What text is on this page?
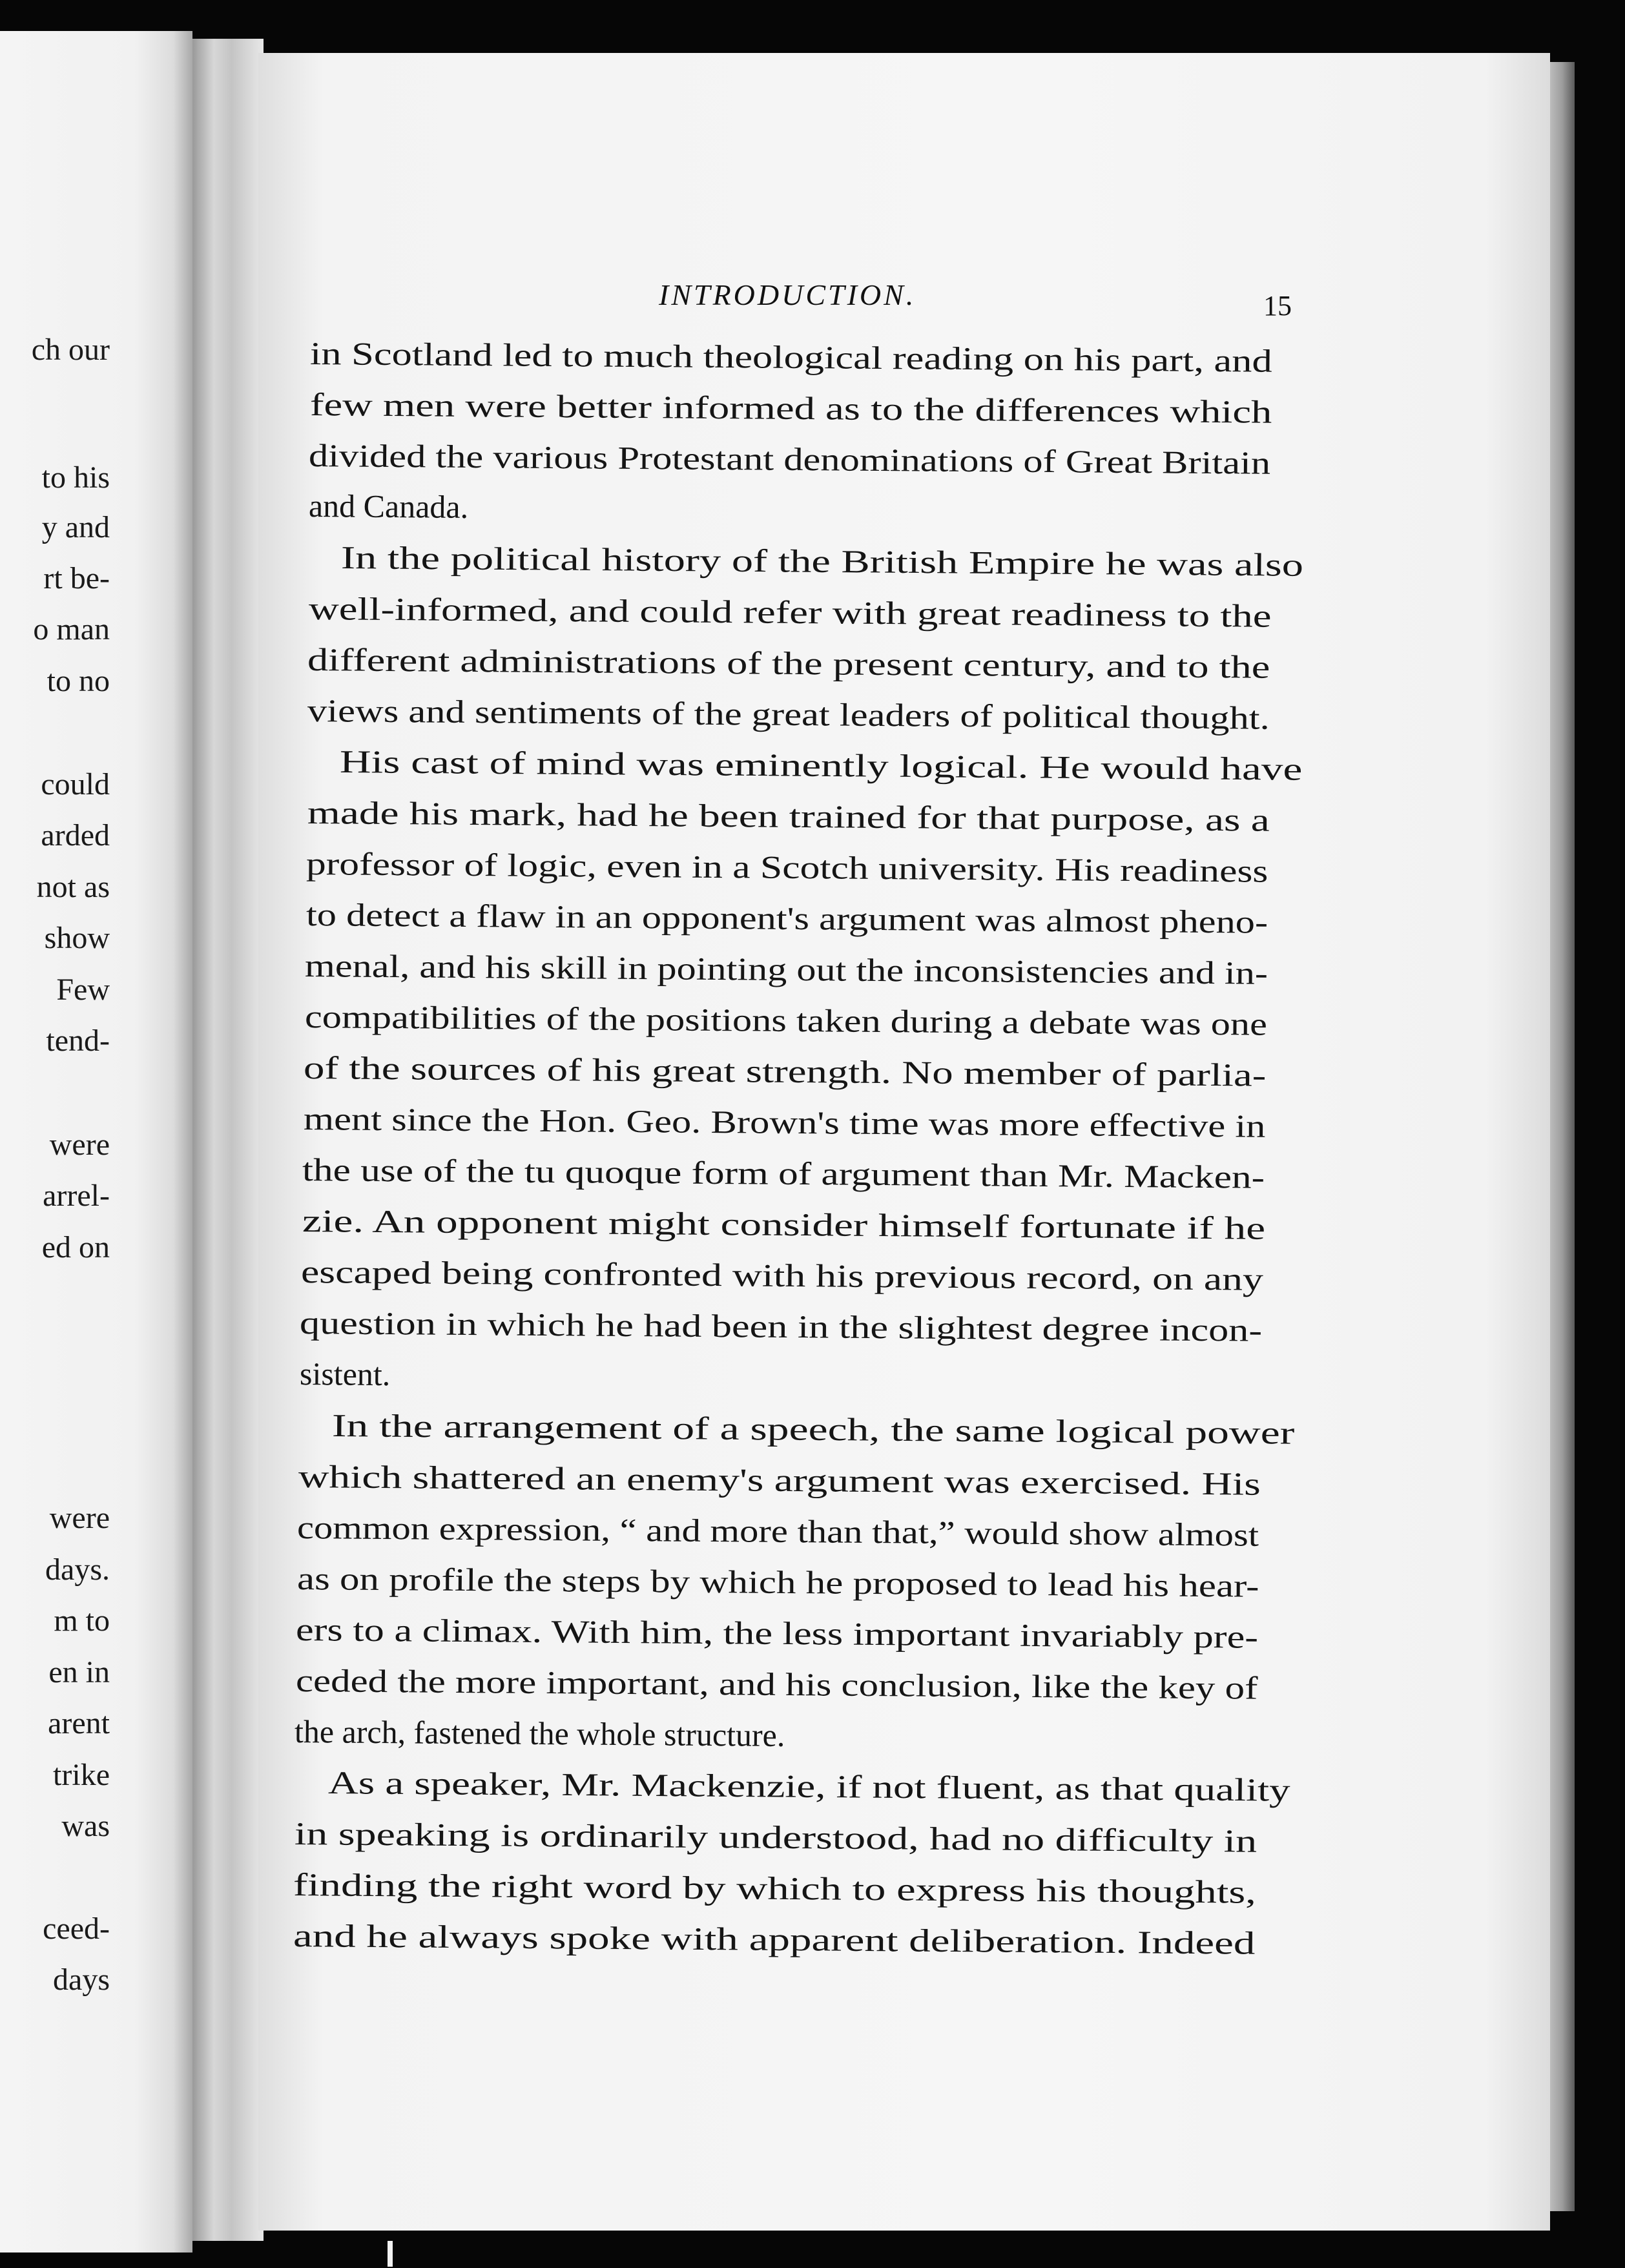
ch our
to his
y and
rt be-
o man
to no
could
arded
not as
show
Few
tend-
were
arrel-
ed on
were
days.
m to
en in
arent
trike
was
ceed-
days
INTRODUCTION.	15
in Scotland led to much theological reading on his part, and
few men were better informed as to the differences which
divided the various Protestant denominations of Great Britain
and Canada.
In the political history of the British Empire he was also
well-informed, and could refer with great readiness to the
different administrations of the present century, and to the
views and sentiments of the great leaders of political thought.
His cast of mind was eminently logical. He would have
made his mark, had he been trained for that purpose, as a
professor of logic, even in a Scotch university. His readiness
to detect a flaw in an opponent's argument was almost pheno-
menal, and his skill in pointing out the inconsistencies and in-
compatibilities of the positions taken during a debate was one
of the sources of his great strength. No member of parlia-
ment since the Hon. Geo. Brown's time was more effective in
the use of the tu quoque form of argument than Mr. Macken-
zie. An opponent might consider himself fortunate if he
escaped being confronted with his previous record, on any
question in which he had been in the slightest degree incon-
sistent.
In the arrangement of a speech, the same logical power
which shattered an enemy's argument was exercised. His
common expression, “ and more than that,” would show almost
as on profile the steps by which he proposed to lead his hear-
ers to a climax. With him, the less important invariably pre-
ceded the more important, and his conclusion, like the key of
the arch, fastened the whole structure.
As a speaker, Mr. Mackenzie, if not fluent, as that quality
in speaking is ordinarily understood, had no difficulty in
finding the right word by which to express his thoughts,
and he always spoke with apparent deliberation. Indeed
